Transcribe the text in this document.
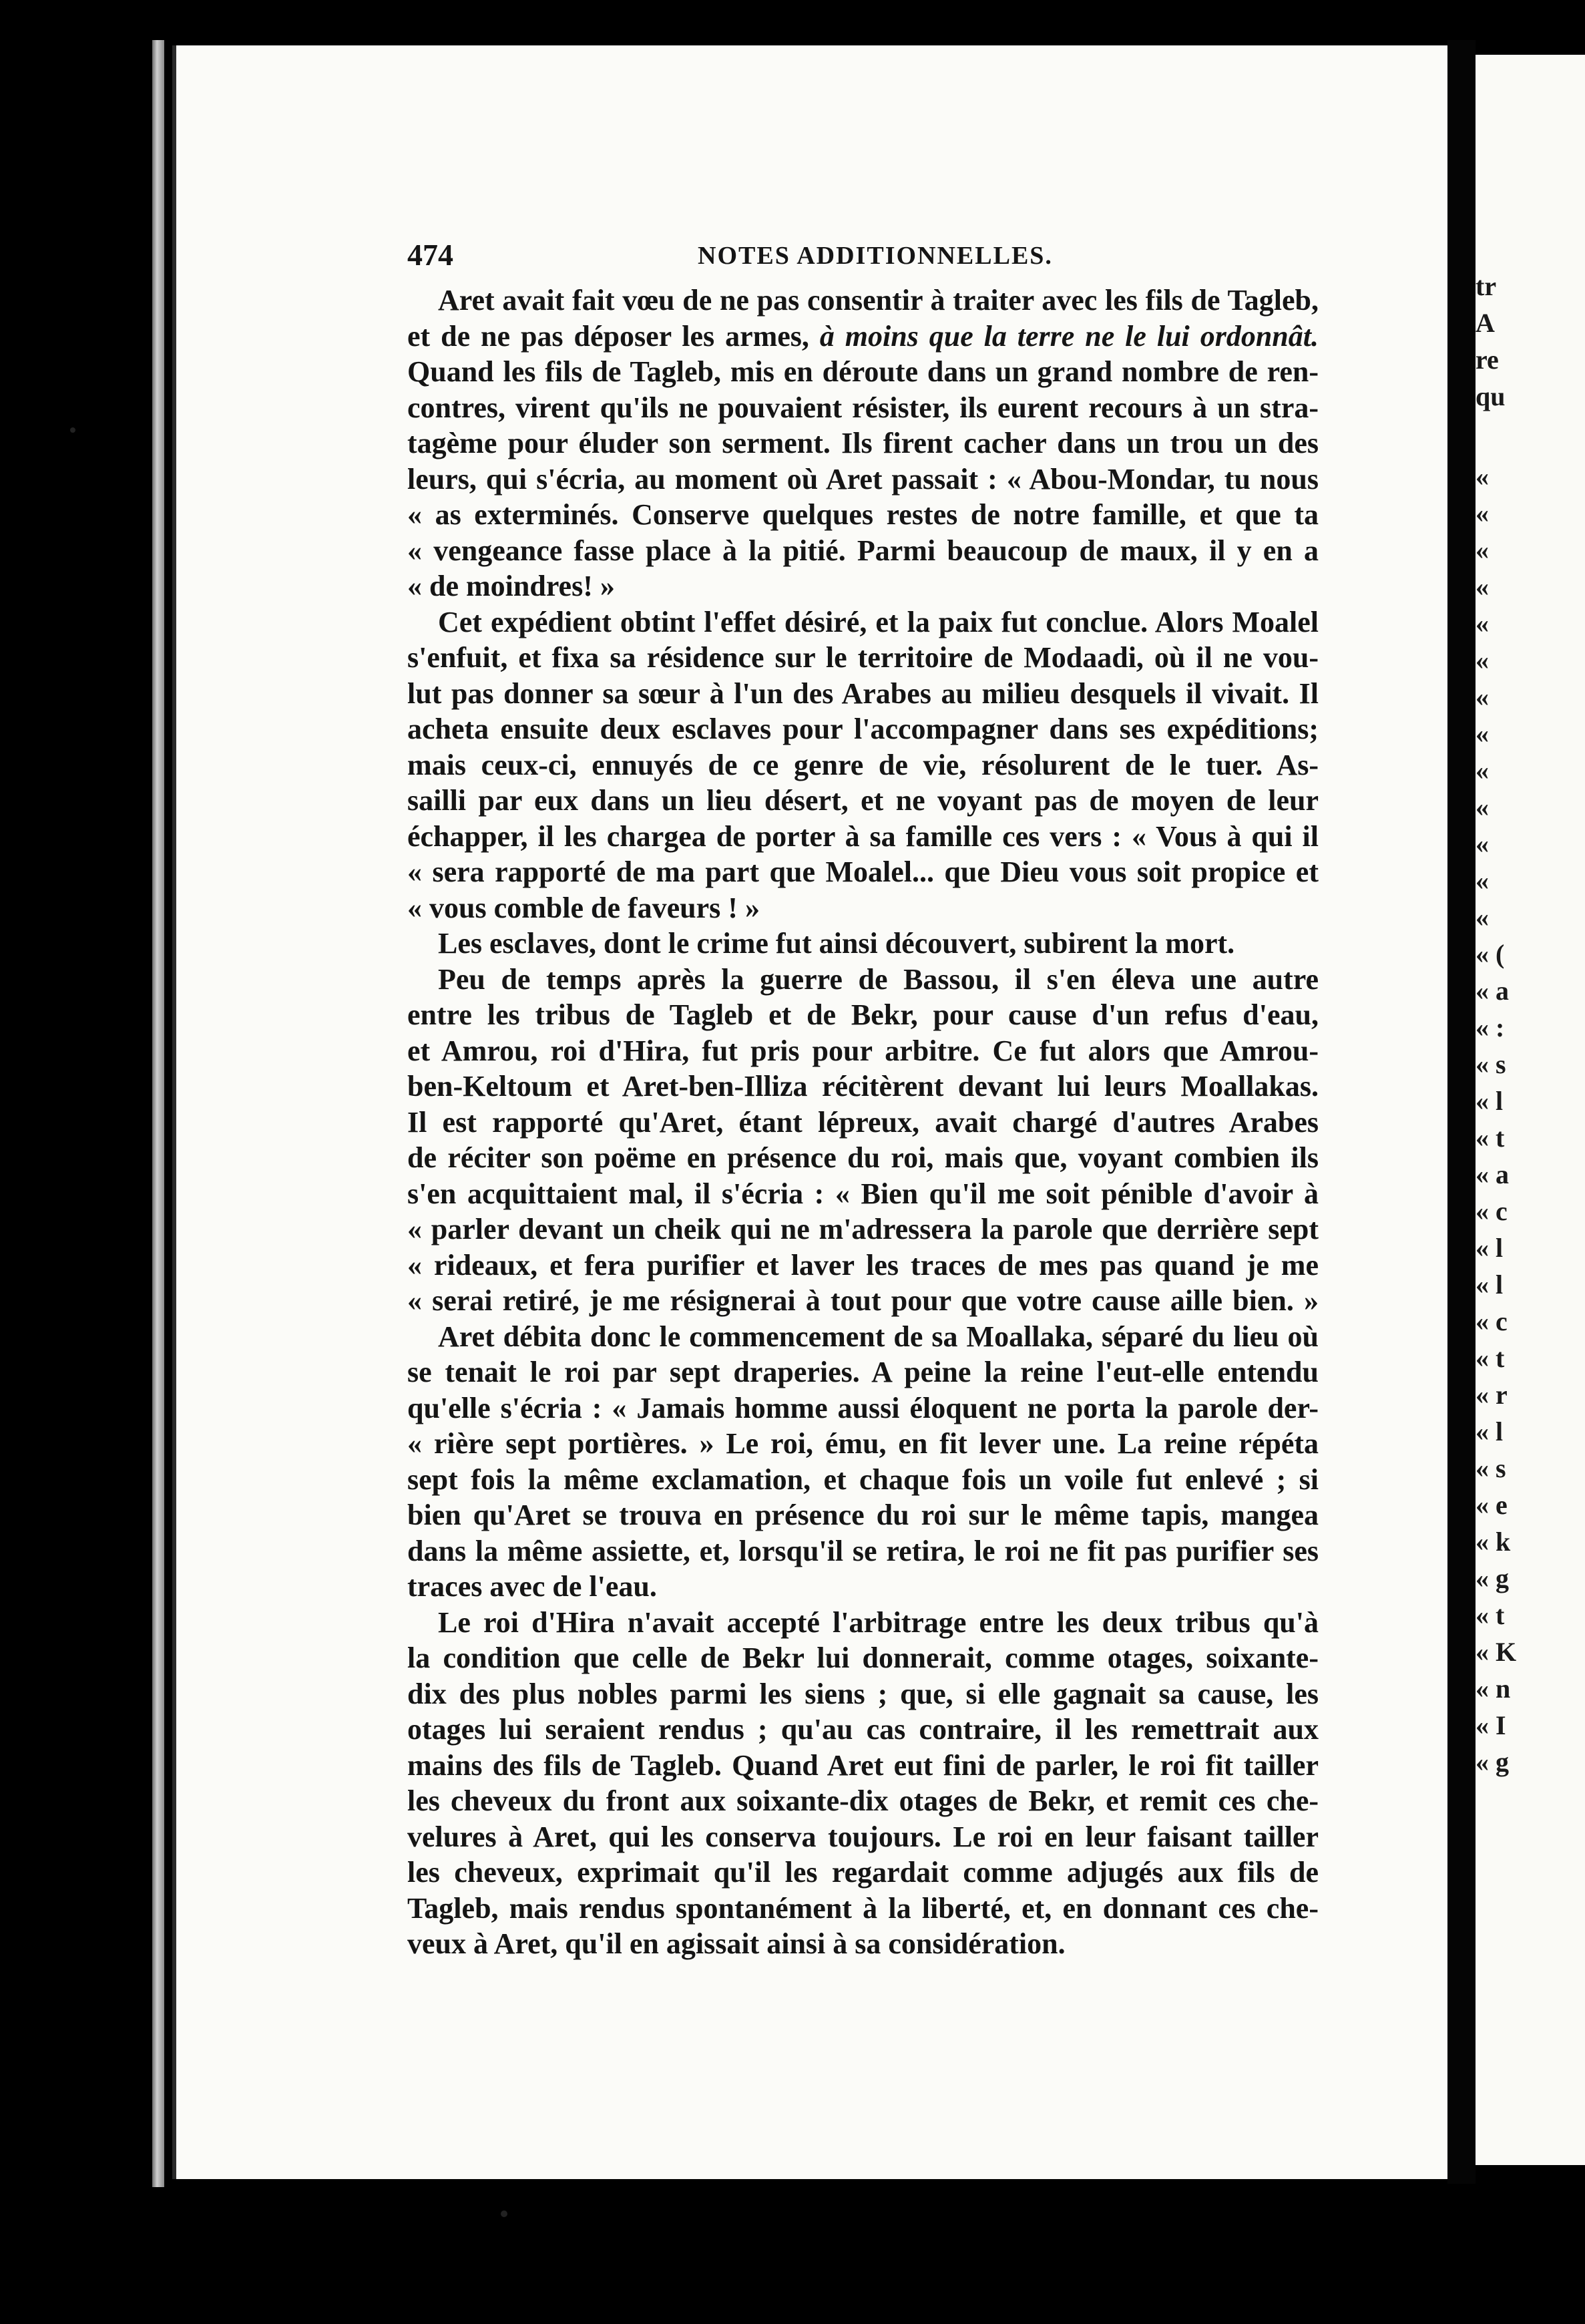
tr
A
re
qu
«
«
«
«
«
«
«
«
«
«
«
«
«
« (
« a
« :
« s
« l
« t
« a
« c
« l
« l
« c
« t
« r
« l
« s
« e
« k
« g
« t
« K
« n
« I
« g
474	NOTES ADDITIONNELLES.
Aret avait fait vœu de ne pas consentir à traiter avec les fils de Tagleb,
et de ne pas déposer les armes, à moins que la terre ne le lui ordonnât.
Quand les fils de Tagleb, mis en déroute dans un grand nombre de ren-
contres, virent qu'ils ne pouvaient résister, ils eurent recours à un stra-
tagème pour éluder son serment. Ils firent cacher dans un trou un des
leurs, qui s'écria, au moment où Aret passait : « Abou-Mondar, tu nous
« as exterminés. Conserve quelques restes de notre famille, et que ta
« vengeance fasse place à la pitié. Parmi beaucoup de maux, il y en a
« de moindres! »
Cet expédient obtint l'effet désiré, et la paix fut conclue. Alors Moalel
s'enfuit, et fixa sa résidence sur le territoire de Modaadi, où il ne vou-
lut pas donner sa sœur à l'un des Arabes au milieu desquels il vivait. Il
acheta ensuite deux esclaves pour l'accompagner dans ses expéditions;
mais ceux-ci, ennuyés de ce genre de vie, résolurent de le tuer. As-
sailli par eux dans un lieu désert, et ne voyant pas de moyen de leur
échapper, il les chargea de porter à sa famille ces vers : « Vous à qui il
« sera rapporté de ma part que Moalel... que Dieu vous soit propice et
« vous comble de faveurs ! »
Les esclaves, dont le crime fut ainsi découvert, subirent la mort.
Peu de temps après la guerre de Bassou, il s'en éleva une autre
entre les tribus de Tagleb et de Bekr, pour cause d'un refus d'eau,
et Amrou, roi d'Hira, fut pris pour arbitre. Ce fut alors que Amrou-
ben-Keltoum et Aret-ben-Illiza récitèrent devant lui leurs Moallakas.
Il est rapporté qu'Aret, étant lépreux, avait chargé d'autres Arabes
de réciter son poëme en présence du roi, mais que, voyant combien ils
s'en acquittaient mal, il s'écria : « Bien qu'il me soit pénible d'avoir à
« parler devant un cheik qui ne m'adressera la parole que derrière sept
« rideaux, et fera purifier et laver les traces de mes pas quand je me
« serai retiré, je me résignerai à tout pour que votre cause aille bien. »
Aret débita donc le commencement de sa Moallaka, séparé du lieu où
se tenait le roi par sept draperies. A peine la reine l'eut-elle entendu
qu'elle s'écria : « Jamais homme aussi éloquent ne porta la parole der-
« rière sept portières. » Le roi, ému, en fit lever une. La reine répéta
sept fois la même exclamation, et chaque fois un voile fut enlevé ; si
bien qu'Aret se trouva en présence du roi sur le même tapis, mangea
dans la même assiette, et, lorsqu'il se retira, le roi ne fit pas purifier ses
traces avec de l'eau.
Le roi d'Hira n'avait accepté l'arbitrage entre les deux tribus qu'à
la condition que celle de Bekr lui donnerait, comme otages, soixante-
dix des plus nobles parmi les siens ; que, si elle gagnait sa cause, les
otages lui seraient rendus ; qu'au cas contraire, il les remettrait aux
mains des fils de Tagleb. Quand Aret eut fini de parler, le roi fit tailler
les cheveux du front aux soixante-dix otages de Bekr, et remit ces che-
velures à Aret, qui les conserva toujours. Le roi en leur faisant tailler
les cheveux, exprimait qu'il les regardait comme adjugés aux fils de
Tagleb, mais rendus spontanément à la liberté, et, en donnant ces che-
veux à Aret, qu'il en agissait ainsi à sa considération.
